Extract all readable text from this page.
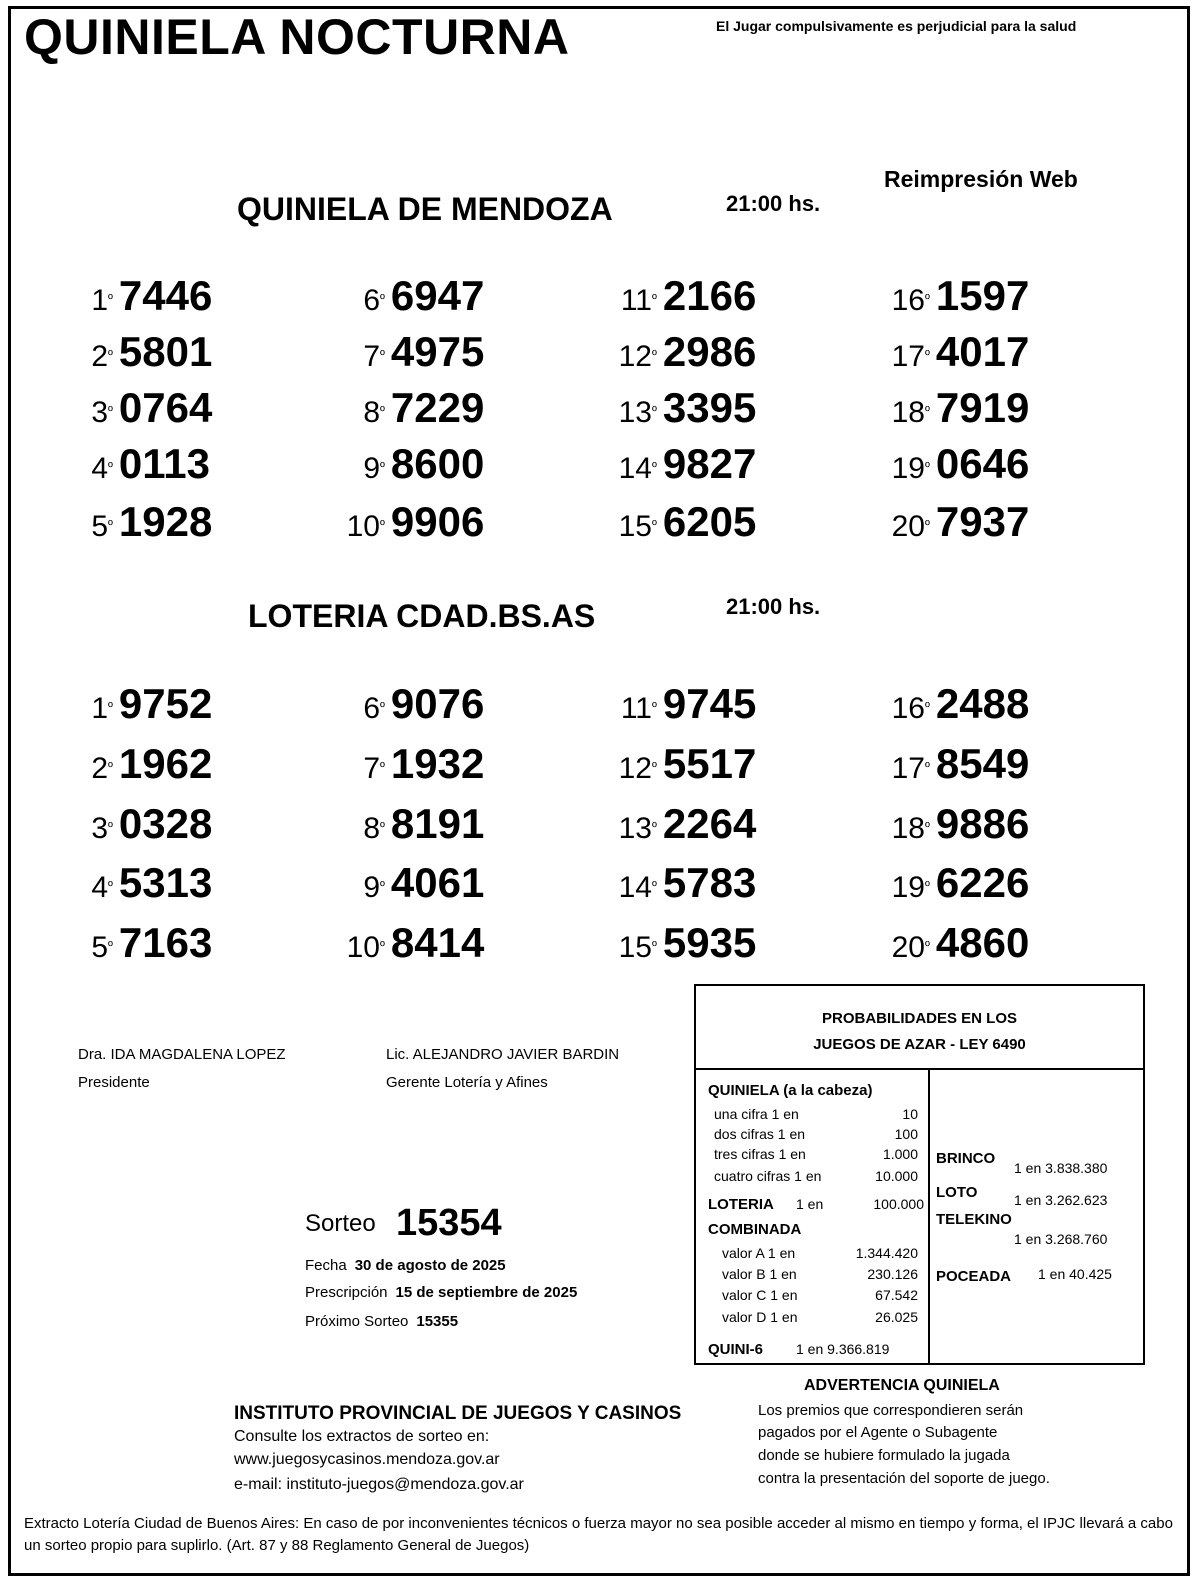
QUINIELA NOCTURNA	El Jugar compulsivamente es perjudicial para la salud
Reimpresión Web
QUINIELA DE MENDOZA	21:00 hs.
$1^º$ 7446
$2^º$ 5801
$3^º$ 0764
$4^º$ 0113
$5^º$ 1928
$6^º$ 6947
$7^º$ 4975
$8^º$ 7229
$9^º$ 8600
$10^º$ 9906
$11^º$ 2166
$12^º$ 2986
$13^º$ 3395
$14^º$ 9827
$15^º$ 6205
$16^º$ 1597
$17^º$ 4017
$18^º$ 7919
$19^º$ 0646
$20^º$ 7937
LOTERIA CDAD.BS.AS	21:00 hs.
$1^º$ 9752
$2^º$ 1962
$3^º$ 0328
$4^º$ 5313
$5^º$ 7163
$6^º$ 9076
$7^º$ 1932
$8^º$ 8191
$9^º$ 4061
$10^º$ 8414
$11^º$ 9745
$12^º$ 5517
$13^º$ 2264
$14^º$ 5783
$15^º$ 5935
$16^º$ 2488
$17^º$ 8549
$18^º$ 9886
$19^º$ 6226
$20^º$ 4860
Dra. IDA MAGDALENA LOPEZ
Presidente
Lic. ALEJANDRO JAVIER BARDIN
Gerente Lotería y Afines
Sorteo 15354
Fecha 30 de agosto de 2025
Prescripción 15 de septiembre de 2025
Próximo Sorteo 15355
PROBABILIDADES EN LOS
JUEGOS DE AZAR - LEY 6490
QUINIELA (a la cabeza)
una cifra 1 en	10
dos cifras 1 en	100
tres cifras 1 en	1.000
cuatro cifras 1 en	10.000
LOTERIA 1 en	100.000
COMBINADA
valor A 1 en	1.344.420
valor B 1 en	230.126
valor C 1 en	67.542
valor D 1 en	26.025
QUINI-6 1 en 9.366.819
BRINCO
1 en 3.838.380
LOTO	1 en 3.262.623
TELEKINO
1 en 3.268.760
POCEADA 1 en 40.425
INSTITUTO PROVINCIAL DE JUEGOS Y CASINOS
Consulte los extractos de sorteo en:
www.juegosycasinos.mendoza.gov.ar
e-mail: instituto-juegos@mendoza.gov.ar
ADVERTENCIA QUINIELA
Los premios que correspondieren serán
pagados por el Agente o Subagente
donde se hubiere formulado la jugada
contra la presentación del soporte de juego.
Extracto Lotería Ciudad de Buenos Aires: En caso de por inconvenientes técnicos o fuerza mayor no sea posible acceder al mismo en tiempo y forma, el IPJC llevará a cabo un sorteo propio para suplirlo. (Art. 87 y 88 Reglamento General de Juegos)
